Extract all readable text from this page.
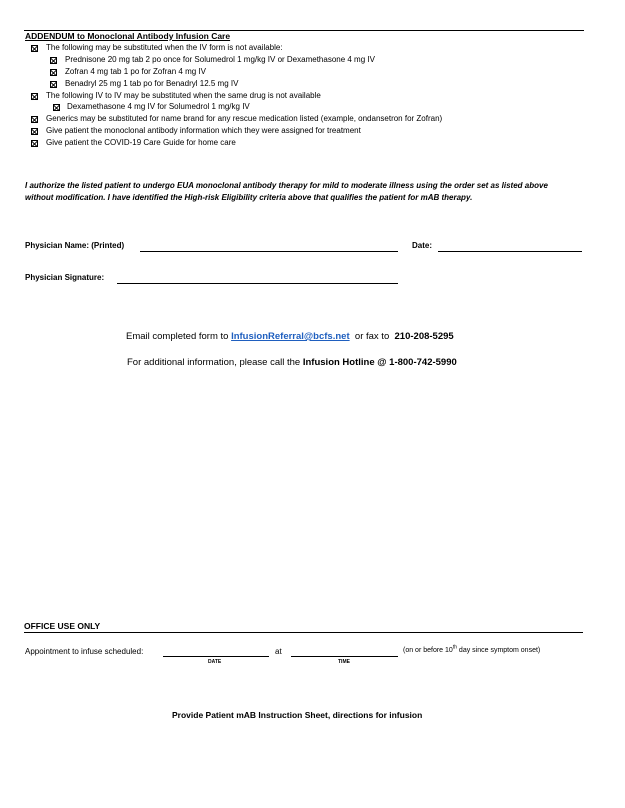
ADDENDUM to Monoclonal Antibody Infusion Care
The following may be substituted when the IV form is not available:
Prednisone 20 mg tab 2 po once for Solumedrol 1 mg/kg IV or Dexamethasone 4 mg IV
Zofran 4 mg tab 1 po for Zofran 4 mg IV
Benadryl 25 mg 1 tab po for Benadryl 12.5 mg IV
The following IV to IV may be substituted when the same drug is not available
Dexamethasone 4 mg IV for Solumedrol 1 mg/kg IV
Generics may be substituted for name brand for any rescue medication listed (example, ondansetron for Zofran)
Give patient the monoclonal antibody information which they were assigned for treatment
Give patient the COVID-19 Care Guide for home care
I authorize the listed patient to undergo EUA monoclonal antibody therapy for mild to moderate illness using the order set as listed above without modification. I have identified the High-risk Eligibility criteria above that qualifies the patient for mAB therapy.
Physician Name: (Printed)	Date:
Physician Signature:
Email completed form to InfusionReferral@bcfs.net or fax to 210-208-5295
For additional information, please call the Infusion Hotline @ 1-800-742-5990
OFFICE USE ONLY
Appointment to infuse scheduled:
DATE
at
TIME
(on or before 10th day since symptom onset)
Provide Patient mAB Instruction Sheet, directions for infusion
